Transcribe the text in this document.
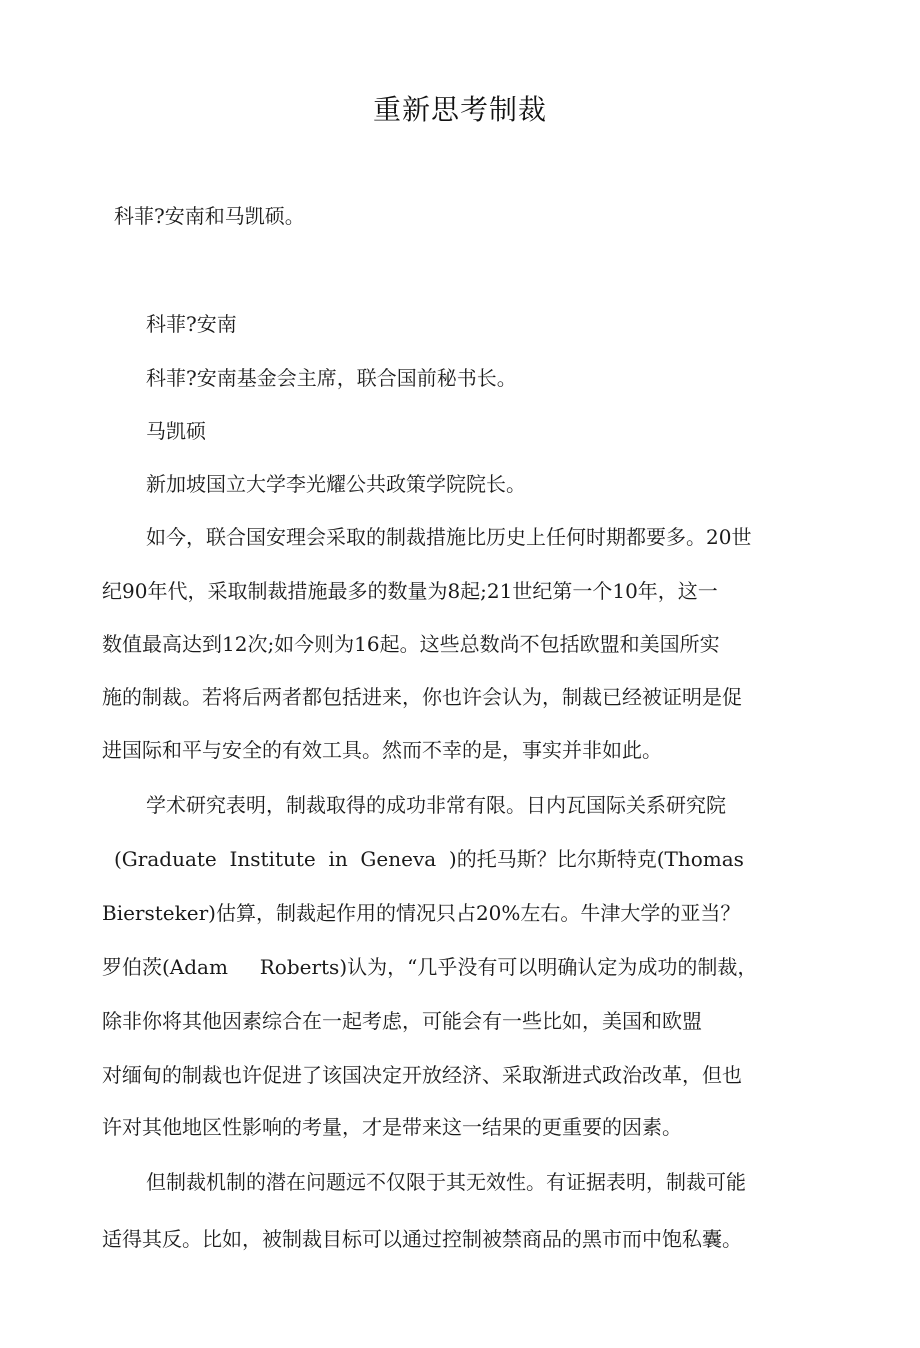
重新思考制裁
科菲?安南和马凯硕。
科菲?安南
科菲?安南基金会主席，联合国前秘书长。
马凯硕
新加坡国立大学李光耀公共政策学院院长。
如今，联合国安理会采取的制裁措施比历史上任何时期都要多。20世
纪90年代，采取制裁措施最多的数量为8起;21世纪第一个10年，这一
数值最高达到12次;如今则为16起。这些总数尚不包括欧盟和美国所实
施的制裁。若将后两者都包括进来，你也许会认为，制裁已经被证明是促
进国际和平与安全的有效工具。然而不幸的是，事实并非如此。
学术研究表明，制裁取得的成功非常有限。日内瓦国际关系研究院
(Graduate  Institute  in  Geneva  )的托马斯？比尔斯特克(Thomas
Biersteker)估算，制裁起作用的情况只占20%左右。牛津大学的亚当？
罗伯茨(Adam     Roberts)认为，“几乎没有可以明确认定为成功的制裁，
除非你将其他因素综合在一起考虑，可能会有一些比如，美国和欧盟
对缅甸的制裁也许促进了该国决定开放经济、采取渐进式政治改革，但也
许对其他地区性影响的考量，才是带来这一结果的更重要的因素。
但制裁机制的潜在问题远不仅限于其无效性。有证据表明，制裁可能
适得其反。比如，被制裁目标可以通过控制被禁商品的黑市而中饱私囊。
